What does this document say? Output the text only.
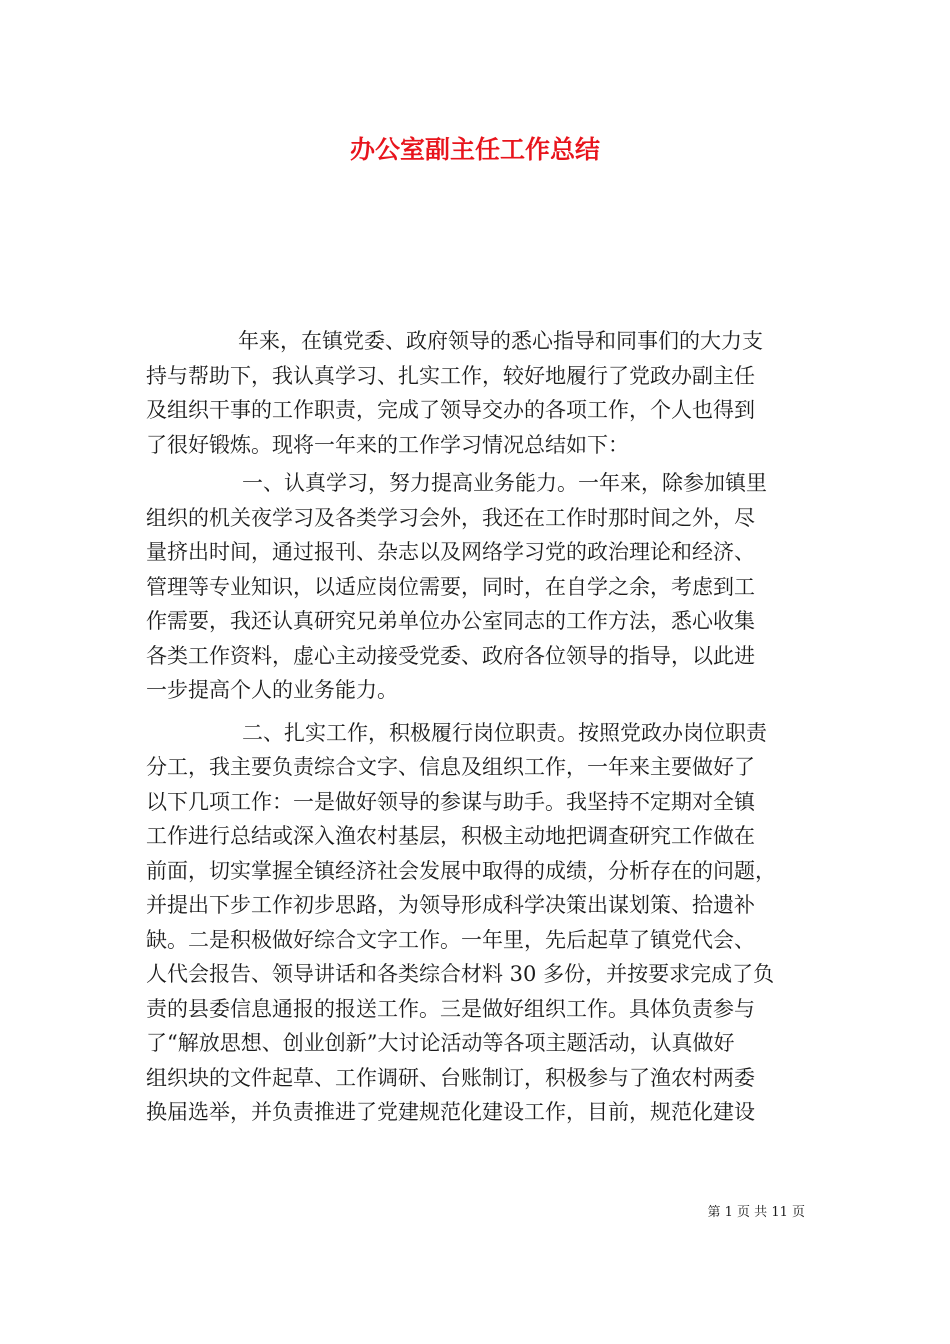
办公室副主任工作总结
年来，在镇党委、政府领导的悉心指导和同事们的大力支
持与帮助下，我认真学习、扎实工作，较好地履行了党政办副主任
及组织干事的工作职责，完成了领导交办的各项工作，个人也得到
了很好锻炼。现将一年来的工作学习情况总结如下：
一、认真学习，努力提高业务能力。一年来，除参加镇里
组织的机关夜学习及各类学习会外，我还在工作时那时间之外，尽
量挤出时间，通过报刊、杂志以及网络学习党的政治理论和经济、
管理等专业知识，以适应岗位需要，同时，在自学之余，考虑到工
作需要，我还认真研究兄弟单位办公室同志的工作方法，悉心收集
各类工作资料，虚心主动接受党委、政府各位领导的指导，以此进
一步提高个人的业务能力。
二、扎实工作，积极履行岗位职责。按照党政办岗位职责
分工，我主要负责综合文字、信息及组织工作，一年来主要做好了
以下几项工作：一是做好领导的参谋与助手。我坚持不定期对全镇
工作进行总结或深入渔农村基层，积极主动地把调查研究工作做在
前面，切实掌握全镇经济社会发展中取得的成绩，分析存在的问题，
并提出下步工作初步思路，为领导形成科学决策出谋划策、拾遗补
缺。二是积极做好综合文字工作。一年里，先后起草了镇党代会、
人代会报告、领导讲话和各类综合材料 30 多份，并按要求完成了负
责的县委信息通报的报送工作。三是做好组织工作。具体负责参与
了“解放思想、创业创新”大讨论活动等各项主题活动，认真做好
组织块的文件起草、工作调研、台账制订，积极参与了渔农村两委
换届选举，并负责推进了党建规范化建设工作，目前，规范化建设
第 1 页 共 11 页
